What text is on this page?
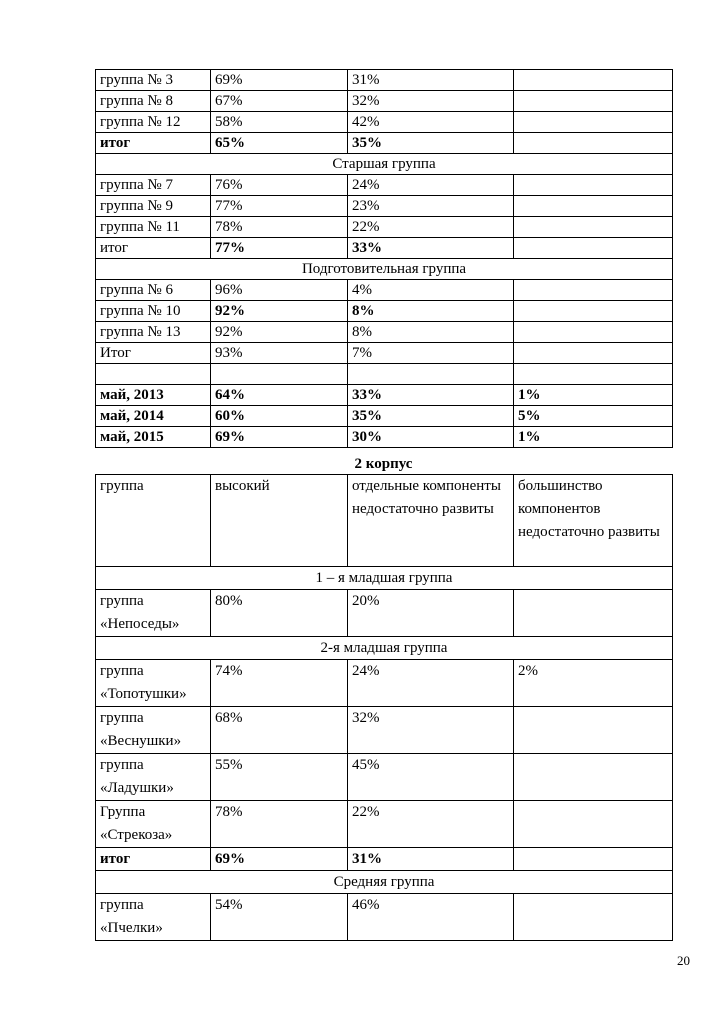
группа № 3	69%	31%	
группа № 8	67%	32%	
группа № 12	58%	42%	
итог	65%	35%	
Старшая группа			
группа № 7	76%	24%	
группа № 9	77%	23%	
группа № 11	78%	22%	
итог	77%	33%	
Подготовительная группа			
группа № 6	96%	4%	
группа № 10	92%	8%	
группа № 13	92%	8%	
Итог	93%	7%	

май, 2013	64%	33%	1%
май, 2014	60%	35%	5%
май, 2015	69%	30%	1%
2 корпус
группа	высокий	отдельные компоненты недостаточно развиты	большинство компонентов недостаточно развиты
1 – я младшая группа			
группа «Непоседы»	80%	20%	
2-я младшая группа			
группа «Топотушки»	74%	24%	2%
группа «Веснушки»	68%	32%	
группа «Ладушки»	55%	45%	
Группа «Стрекоза»	78%	22%	
итог	69%	31%	
Средняя группа			
группа «Пчелки»	54%	46%	
20
